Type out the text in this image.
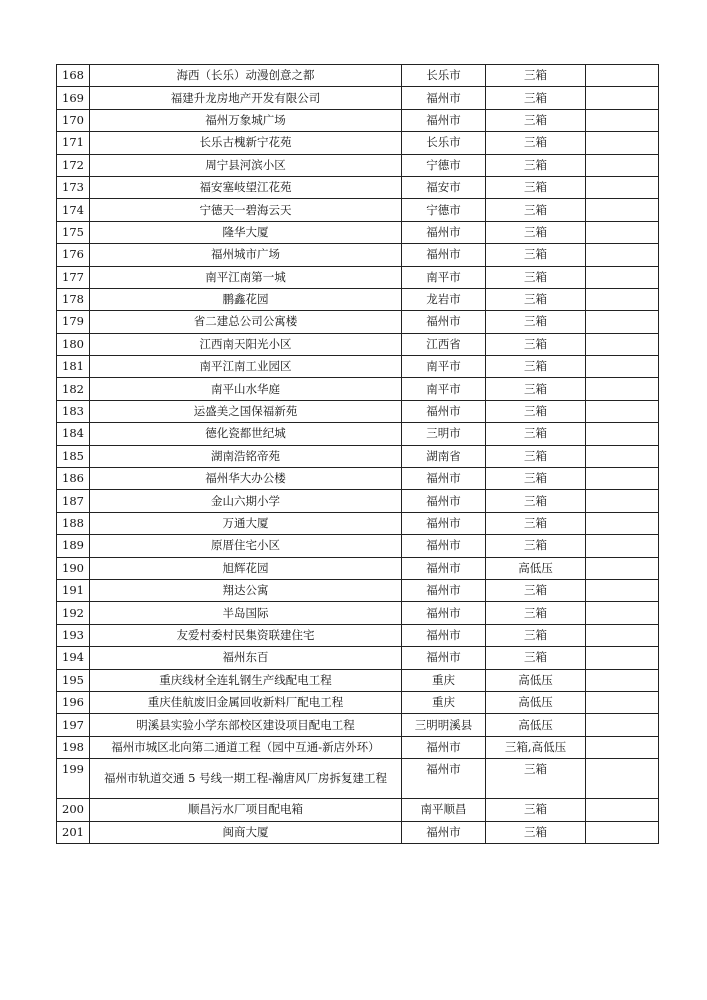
168	海西（长乐）动漫创意之都	长乐市	三箱	
169	福建升龙房地产开发有限公司	福州市	三箱	
170	福州万象城广场	福州市	三箱	
171	长乐古槐新宁花苑	长乐市	三箱	
172	周宁县河滨小区	宁德市	三箱	
173	福安塞岐望江花苑	福安市	三箱	
174	宁德天一碧海云天	宁德市	三箱	
175	隆华大厦	福州市	三箱	
176	福州城市广场	福州市	三箱	
177	南平江南第一城	南平市	三箱	
178	鹏鑫花园	龙岩市	三箱	
179	省二建总公司公寓楼	福州市	三箱	
180	江西南天阳光小区	江西省	三箱	
181	南平江南工业园区	南平市	三箱	
182	南平山水华庭	南平市	三箱	
183	运盛美之国保福新苑	福州市	三箱	
184	德化瓷都世纪城	三明市	三箱	
185	湖南浩铭帝苑	湖南省	三箱	
186	福州华大办公楼	福州市	三箱	
187	金山六期小学	福州市	三箱	
188	万通大厦	福州市	三箱	
189	原厝住宅小区	福州市	三箱	
190	旭辉花园	福州市	高低压	
191	翔达公寓	福州市	三箱	
192	半岛国际	福州市	三箱	
193	友爱村委村民集资联建住宅	福州市	三箱	
194	福州东百	福州市	三箱	
195	重庆线材全连轧钢生产线配电工程	重庆	高低压	
196	重庆佳航废旧金属回收新料厂配电工程	重庆	高低压	
197	明溪县实验小学东部校区建设项目配电工程	三明明溪县	高低压	
198	福州市城区北向第二通道工程（园中互通-新店外环）	福州市	三箱,高低压	
199	福州市轨道交通 5 号线一期工程-瀚唐风厂房拆复建工程	福州市	三箱	
200	顺昌污水厂项目配电箱	南平顺昌	三箱	
201	闽商大厦	福州市	三箱	
